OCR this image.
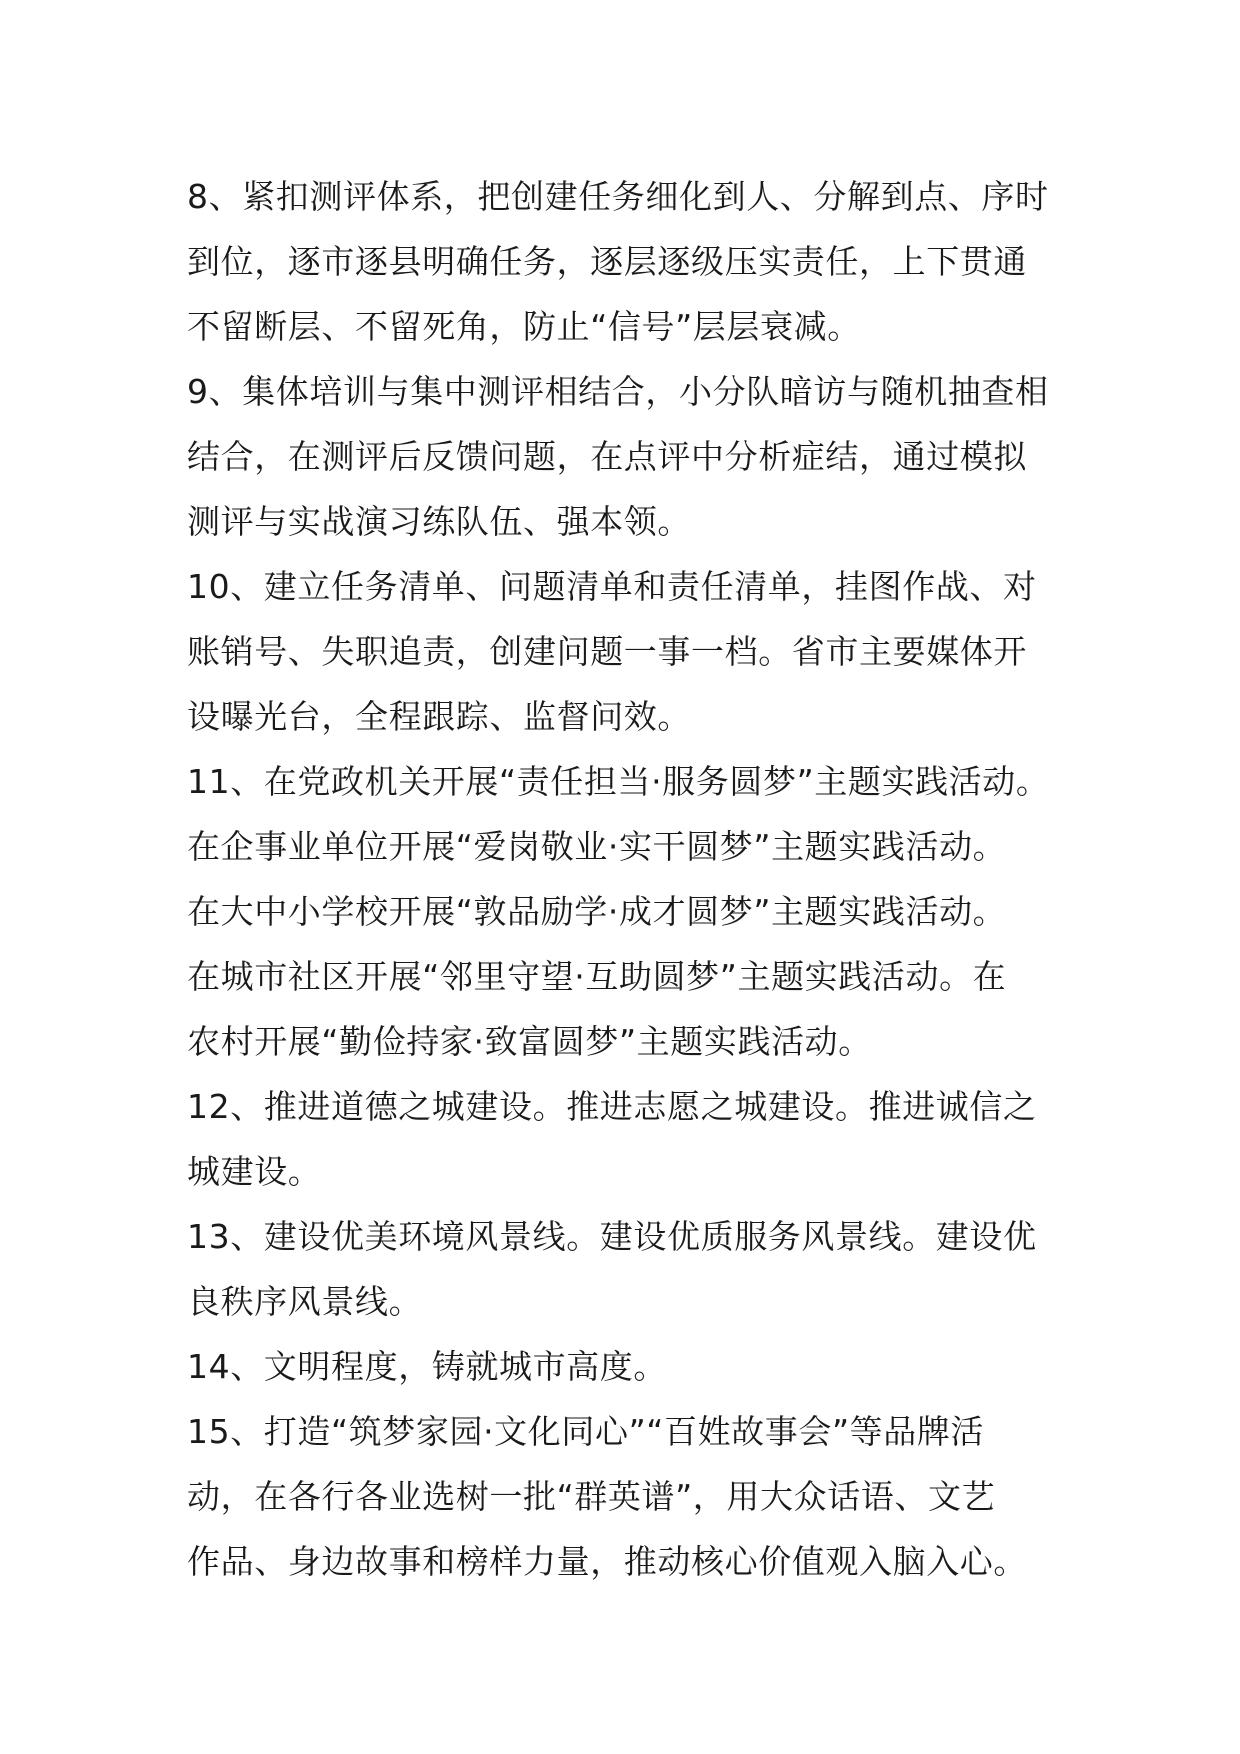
8、紧扣测评体系，把创建任务细化到人、分解到点、序时
到位，逐市逐县明确任务，逐层逐级压实责任，上下贯通
不留断层、不留死角，防止“信号”层层衰减。
9、集体培训与集中测评相结合，小分队暗访与随机抽查相
结合，在测评后反馈问题，在点评中分析症结，通过模拟
测评与实战演习练队伍、强本领。
10、建立任务清单、问题清单和责任清单，挂图作战、对
账销号、失职追责，创建问题一事一档。省市主要媒体开
设曝光台，全程跟踪、监督问效。
11、在党政机关开展“责任担当·服务圆梦”主题实践活动。
在企事业单位开展“爱岗敬业·实干圆梦”主题实践活动。
在大中小学校开展“敦品励学·成才圆梦”主题实践活动。
在城市社区开展“邻里守望·互助圆梦”主题实践活动。在
农村开展“勤俭持家·致富圆梦”主题实践活动。
12、推进道德之城建设。推进志愿之城建设。推进诚信之
城建设。
13、建设优美环境风景线。建设优质服务风景线。建设优
良秩序风景线。
14、文明程度，铸就城市高度。
15、打造“筑梦家园·文化同心”“百姓故事会”等品牌活
动，在各行各业选树一批“群英谱”，用大众话语、文艺
作品、身边故事和榜样力量，推动核心价值观入脑入心。
